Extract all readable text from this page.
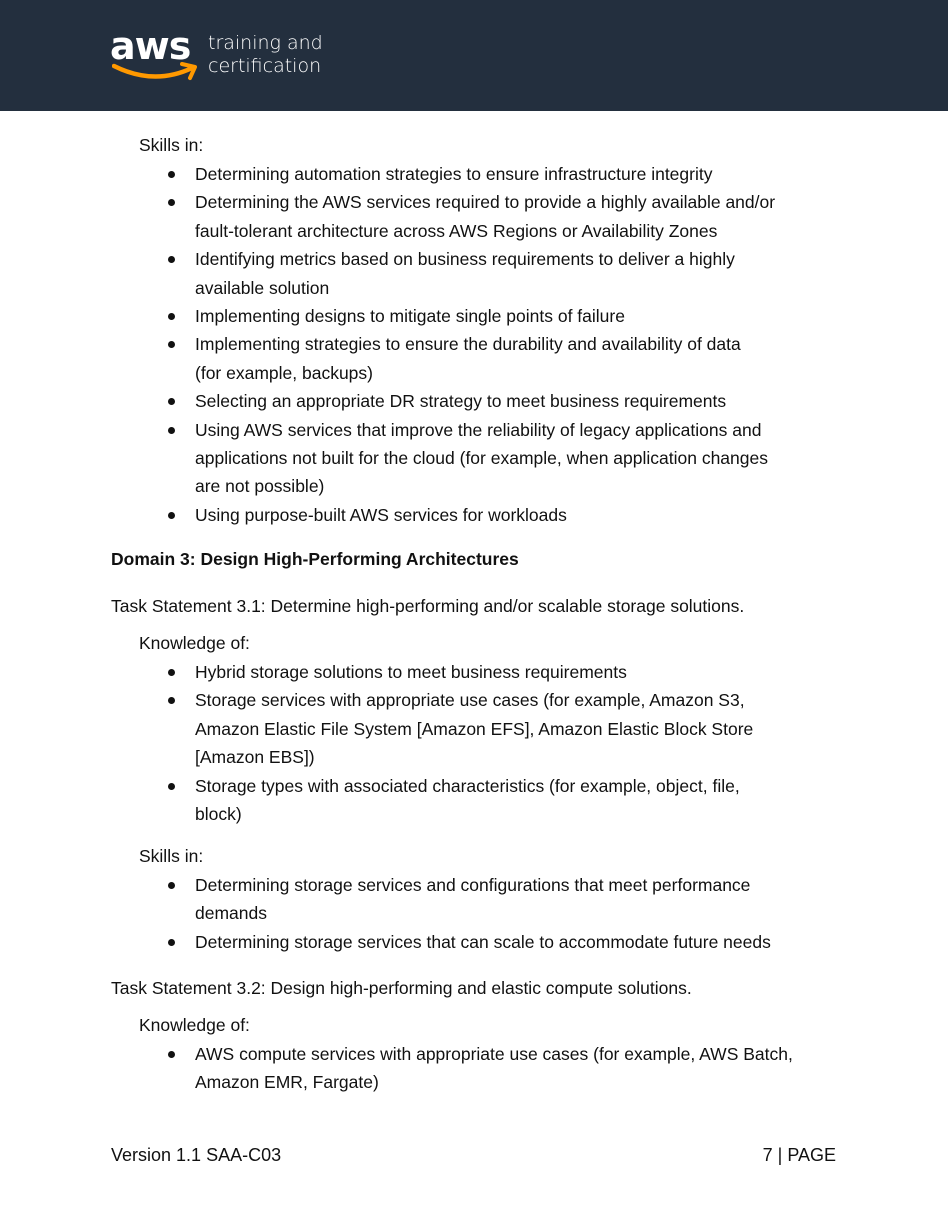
aws training and
certification
Skills in:
Determining automation strategies to ensure infrastructure integrity
Determining the AWS services required to provide a highly available and/or
fault-tolerant architecture across AWS Regions or Availability Zones
Identifying metrics based on business requirements to deliver a highly
available solution
Implementing designs to mitigate single points of failure
Implementing strategies to ensure the durability and availability of data
(for example, backups)
Selecting an appropriate DR strategy to meet business requirements
Using AWS services that improve the reliability of legacy applications and
applications not built for the cloud (for example, when application changes
are not possible)
Using purpose-built AWS services for workloads
Domain 3: Design High-Performing Architectures
Task Statement 3.1: Determine high-performing and/or scalable storage solutions.
Knowledge of:
Hybrid storage solutions to meet business requirements
Storage services with appropriate use cases (for example, Amazon S3,
Amazon Elastic File System [Amazon EFS], Amazon Elastic Block Store
[Amazon EBS])
Storage types with associated characteristics (for example, object, file,
block)
Skills in:
Determining storage services and configurations that meet performance
demands
Determining storage services that can scale to accommodate future needs
Task Statement 3.2: Design high-performing and elastic compute solutions.
Knowledge of:
AWS compute services with appropriate use cases (for example, AWS Batch,
Amazon EMR, Fargate)
Version 1.1 SAA-C03	7 | PAGE
